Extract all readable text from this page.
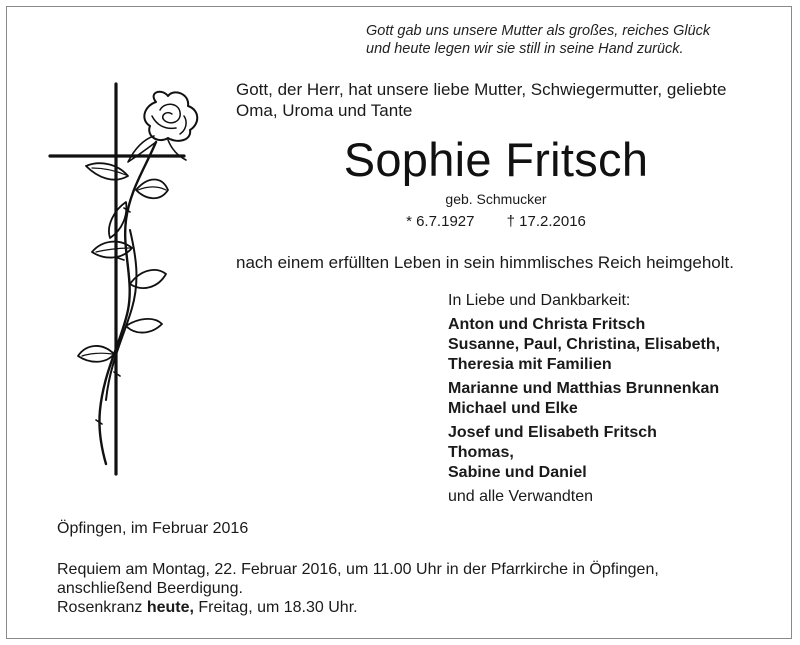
Gott gab uns unsere Mutter als großes, reiches Glück
und heute legen wir sie still in seine Hand zurück.
Gott, der Herr, hat unsere liebe Mutter, Schwiegermutter, geliebte
Oma, Uroma und Tante
Sophie Fritsch
geb. Schmucker
* 6.7.1927 † 17.2.2016
nach einem erfüllten Leben in sein himmlisches Reich heimgeholt.
In Liebe und Dankbarkeit:
Anton und Christa Fritsch
Susanne, Paul, Christina, Elisabeth,
Theresia mit Familien
Marianne und Matthias Brunnenkan
Michael und Elke
Josef und Elisabeth Fritsch
Thomas,
Sabine und Daniel
und alle Verwandten
Öpfingen, im Februar 2016
Requiem am Montag, 22. Februar 2016, um 11.00 Uhr in der Pfarrkirche in Öpfingen,
anschließend Beerdigung.
Rosenkranz heute, Freitag, um 18.30 Uhr.
